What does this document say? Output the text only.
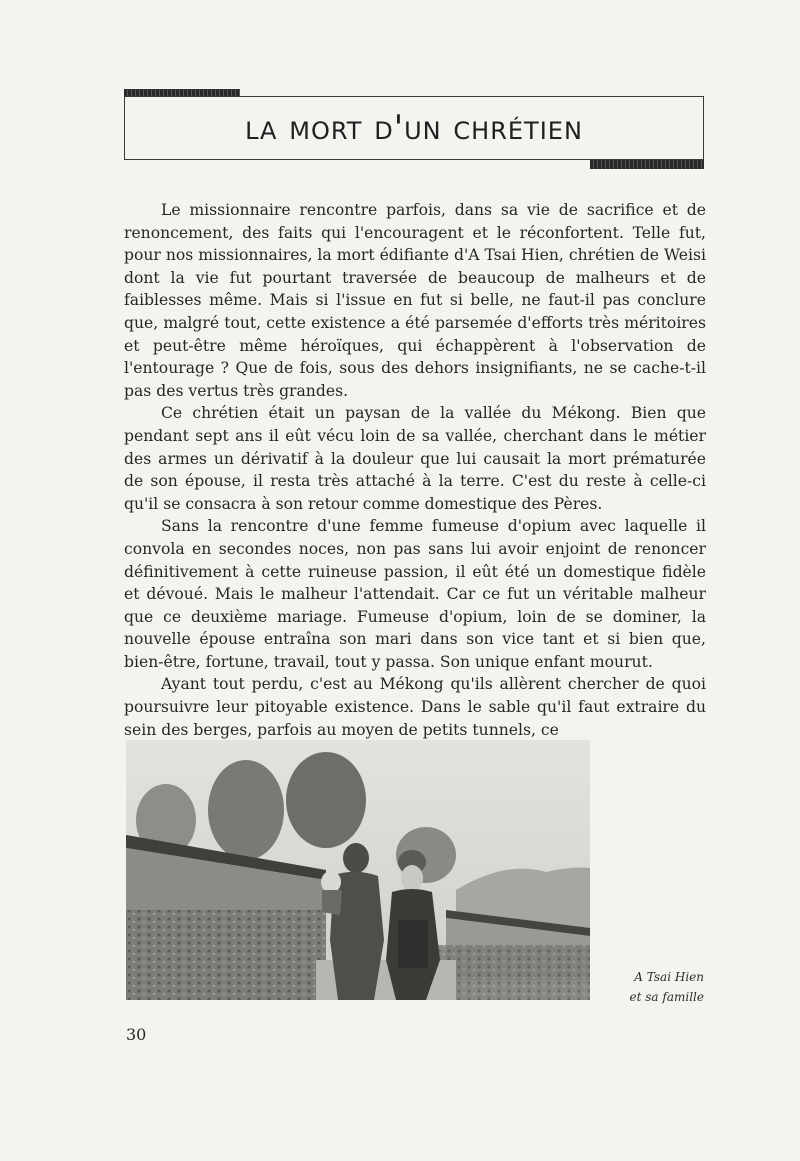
la mort d'un chrétien

Le missionnaire rencontre parfois, dans sa vie de sacrifice et de renoncement, des faits qui l'encouragent et le réconfortent. Telle fut, pour nos missionnaires, la mort édifiante d'A Tsai Hien, chrétien de Weisi dont la vie fut pourtant traversée de beaucoup de malheurs et de faiblesses même. Mais si l'issue en fut si belle, ne faut-il pas conclure que, malgré tout, cette existence a été parsemée d'efforts très méritoires et peut-être même héroïques, qui échappèrent à l'observation de l'entourage ? Que de fois, sous des dehors insignifiants, ne se cache-t-il pas des vertus très grandes.

Ce chrétien était un paysan de la vallée du Mékong. Bien que pendant sept ans il eût vécu loin de sa vallée, cherchant dans le métier des armes un dérivatif à la douleur que lui causait la mort prématurée de son épouse, il resta très attaché à la terre. C'est du reste à celle-ci qu'il se consacra à son retour comme domestique des Pères.

Sans la rencontre d'une femme fumeuse d'opium avec laquelle il convola en secondes noces, non pas sans lui avoir enjoint de renoncer définitivement à cette ruineuse passion, il eût été un domestique fidèle et dévoué. Mais le malheur l'attendait. Car ce fut un véritable malheur que ce deuxième mariage. Fumeuse d'opium, loin de se dominer, la nouvelle épouse entraîna son mari dans son vice tant et si bien que, bien-être, fortune, travail, tout y passa. Son unique enfant mourut.

Ayant tout perdu, c'est au Mékong qu'ils allèrent chercher de quoi poursuivre leur pitoyable existence. Dans le sable qu'il faut extraire du sein des berges, parfois au moyen de petits tunnels, ce

A Tsai Hien
et sa famille
30
